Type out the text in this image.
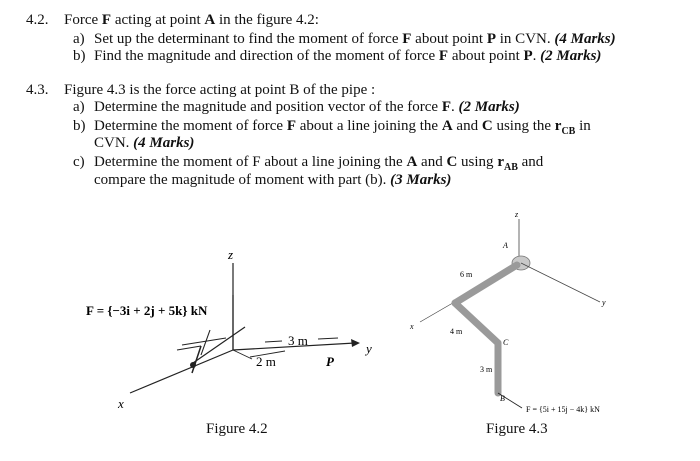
4.2. Force F acting at point A in the figure 4.2:
a) Set up the determinant to find the moment of force F about point P in CVN. (4 Marks)
b) Find the magnitude and direction of the moment of force F about point P. (2 Marks)
4.3. Figure 4.3 is the force acting at point B of the pipe :
a) Determine the magnitude and position vector of the force F. (2 Marks)
b) Determine the moment of force F about a line joining the A and C using the $r_{CB}$ in
CVN. (4 Marks)
c) Determine the moment of F about a line joining the A and C using $r_{AB}$ and
compare the magnitude of moment with part (b). (3 Marks)
z
x
y
2 m
3 m
P
F = {−3i + 2j + 5k} kN
Figure 4.2
z
A
y
x
6 m
4 m
C
3 m
B
F = {5i + 15j − 4k} kN
Figure 4.3
